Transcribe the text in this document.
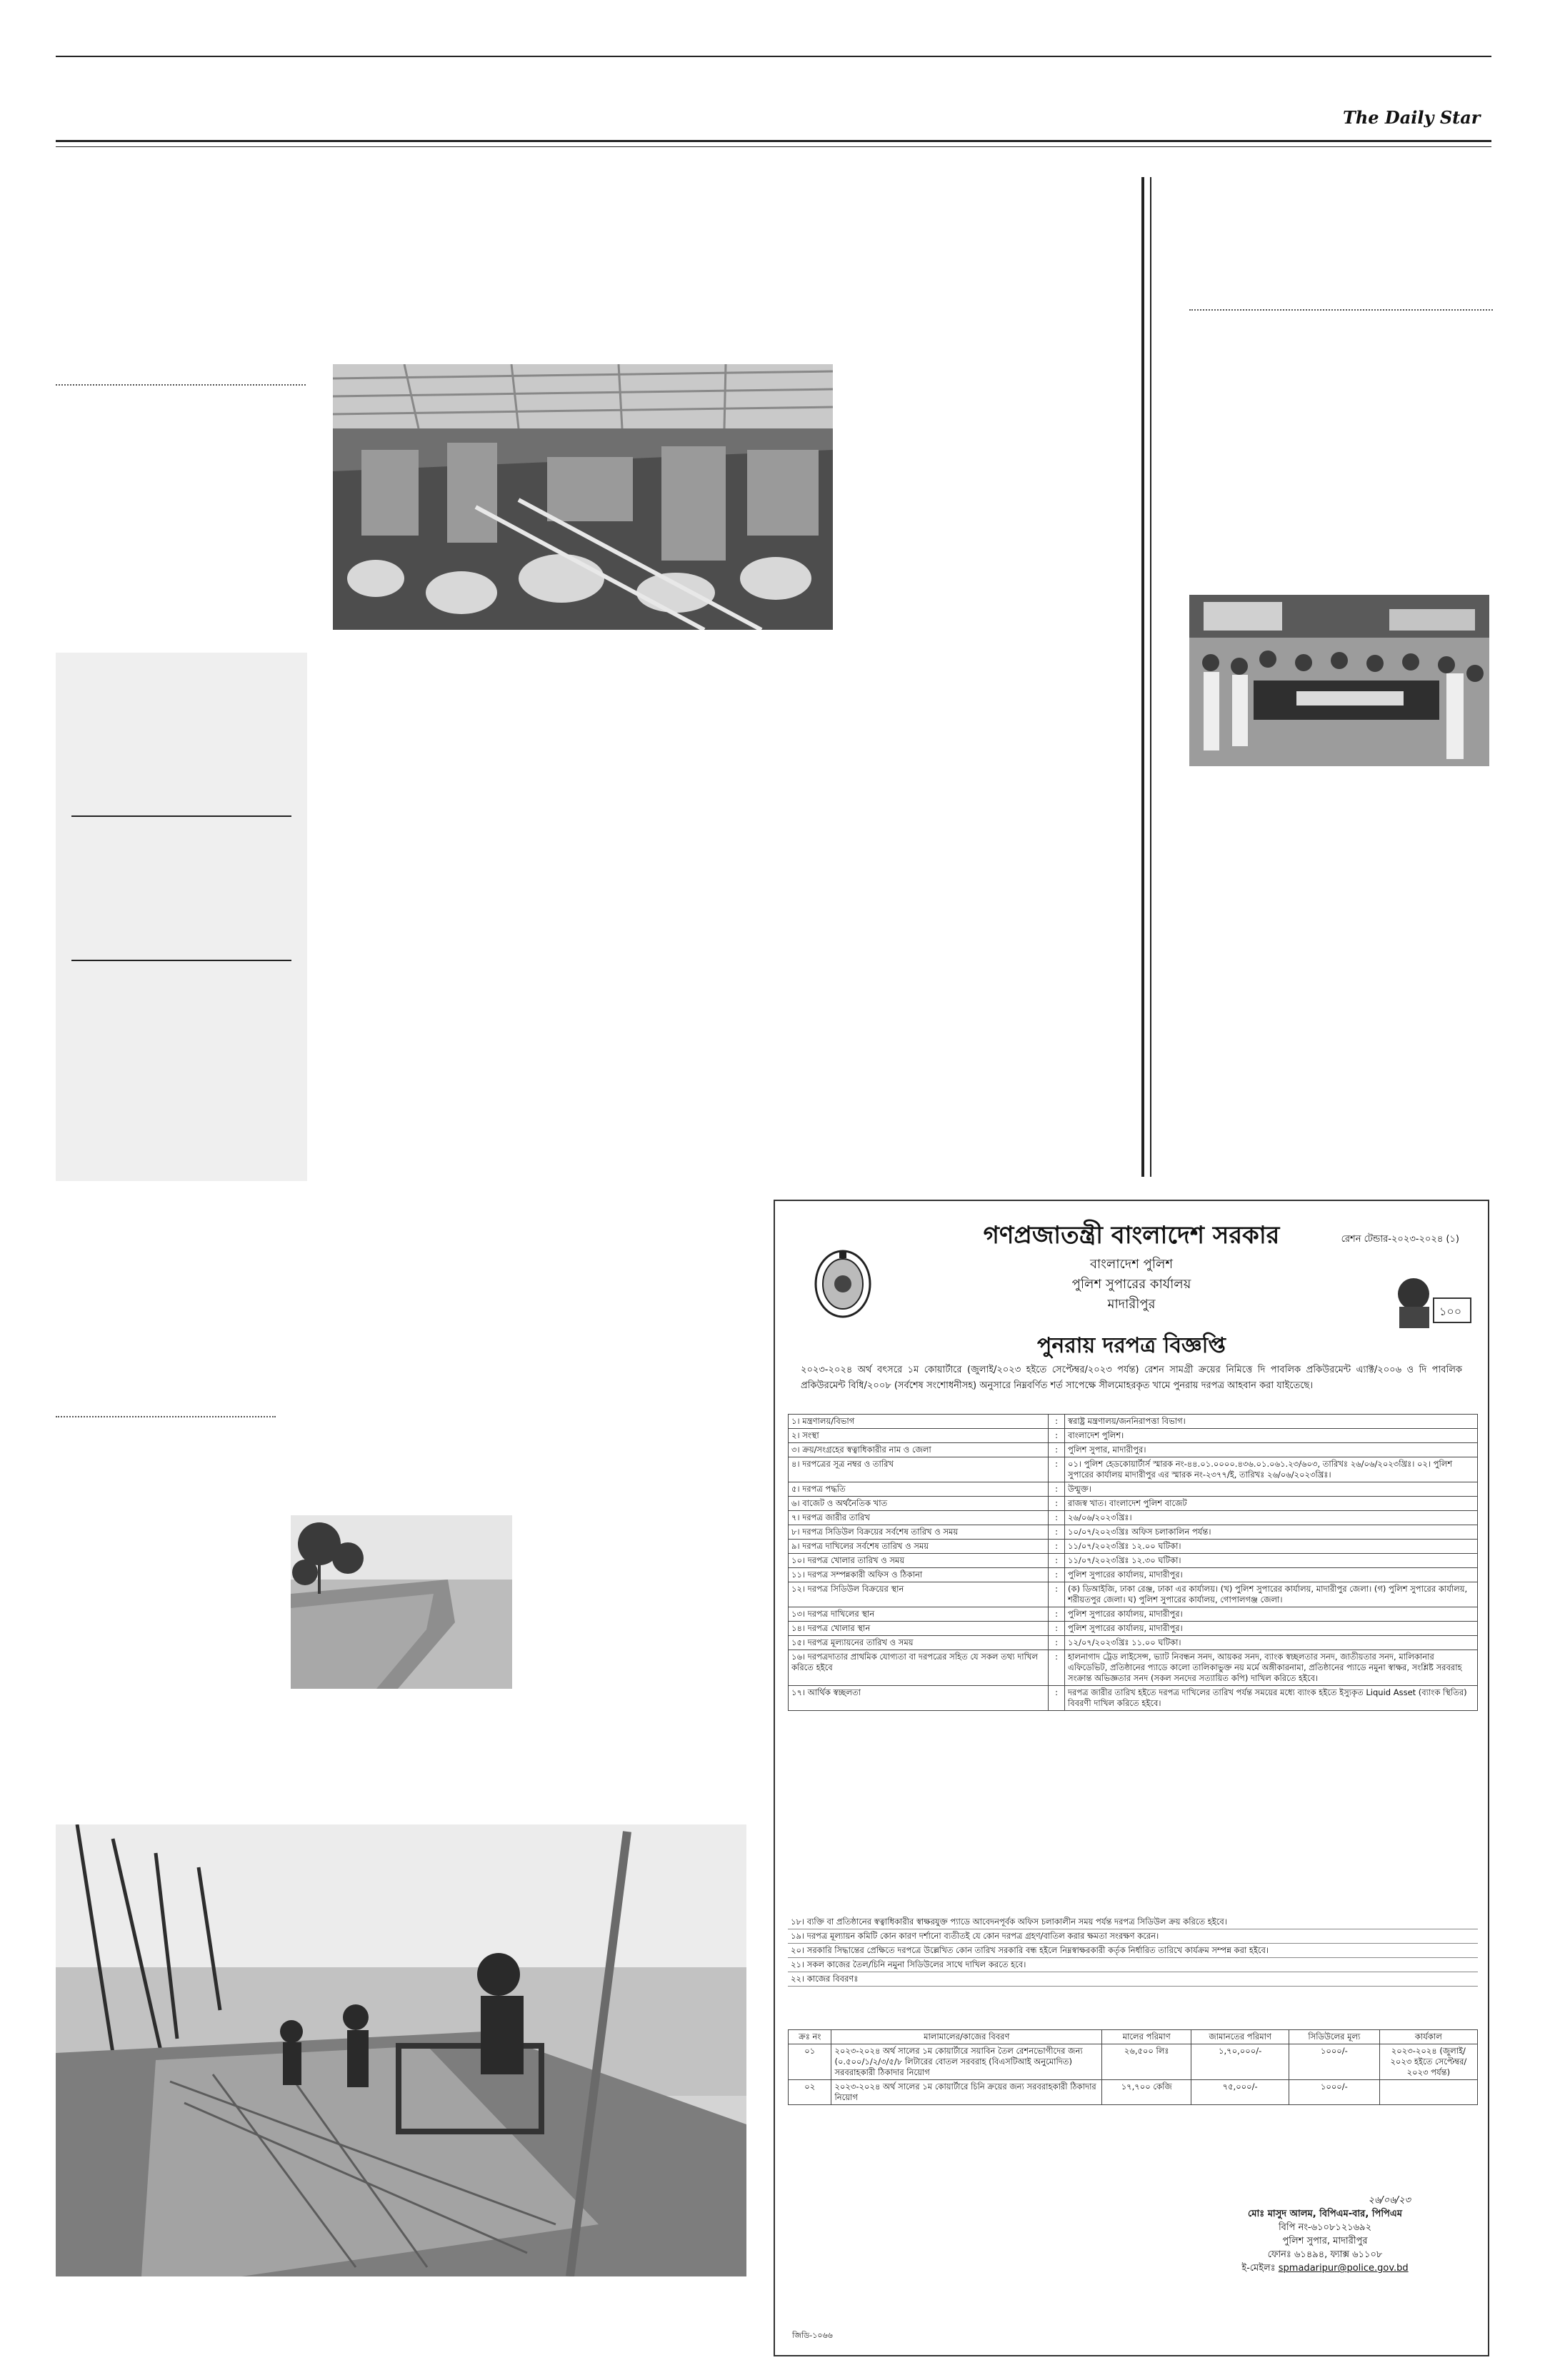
The Daily Star
গণপ্রজাতন্ত্রী বাংলাদেশ সরকার	রেশন টেন্ডার-২০২৩-২০২৪ (১)
১০০
বাংলাদেশ পুলিশ
পুলিশ সুপারের কার্যালয়
মাদারীপুর
পুনরায় দরপত্র বিজ্ঞপ্তি
২০২৩-২০২৪ অর্থ বৎসরে ১ম কোয়ার্টারে (জুলাই/২০২৩ হইতে সেপ্টেম্বর/২০২৩ পর্যন্ত) রেশন সামগ্রী ক্রয়ের নিমিত্তে দি পাবলিক প্রকিউরমেন্ট এ্যাক্ট/২০০৬ ও দি পাবলিক প্রকিউরমেন্ট বিধি/২০০৮ (সর্বশেষ সংশোধনীসহ) অনুসারে নিম্নবর্ণিত শর্ত সাপেক্ষে সীলমোহরকৃত খামে পুনরায় দরপত্র আহবান করা যাইতেছে।
১। মন্ত্রণালয়/বিভাগ	:	স্বরাষ্ট্র মন্ত্রণালয়/জননিরাপত্তা বিভাগ।
২। সংস্থা	:	বাংলাদেশ পুলিশ।
৩। ক্রয়/সংগ্রহের স্বত্বাধিকারীর নাম ও জেলা	:	পুলিশ সুপার, মাদারীপুর।
৪। দরপত্রের সূত্র নম্বর ও তারিখ	:	০১। পুলিশ হেডকোয়ার্টার্স স্মারক নং-৪৪.০১.০০০০.৪৩৬.০১.০৬১.২৩/৬০৩, তারিখঃ ২৬/০৬/২০২৩খ্রিঃ। ০২। পুলিশ সুপারের কার্যালয় মাদারীপুর এর স্মারক নং-২৩৭৭/ই, তারিখঃ ২৬/০৬/২০২৩খ্রিঃ।
৫। দরপত্র পদ্ধতি	:	উন্মুক্ত।
৬। বাজেট ও অর্থনৈতিক খাত	:	রাজস্ব খাত। বাংলাদেশ পুলিশ বাজেট
৭। দরপত্র জারীর তারিখ	:	২৬/০৬/২০২৩খ্রিঃ।
৮। দরপত্র সিডিউল বিক্রয়ের সর্বশেষ তারিখ ও সময়	:	১০/০৭/২০২৩খ্রিঃ অফিস চলাকালিন পর্যন্ত।
৯। দরপত্র দাখিলের সর্বশেষ তারিখ ও সময়	:	১১/০৭/২০২৩খ্রিঃ ১২.০০ ঘটিকা।
১০। দরপত্র খোলার তারিখ ও সময়	:	১১/০৭/২০২৩খ্রিঃ ১২.৩০ ঘটিকা।
১১। দরপত্র সম্পন্নকারী অফিস ও ঠিকানা	:	পুলিশ সুপারের কার্যালয়, মাদারীপুর।
১২। দরপত্র সিডিউল বিক্রয়ের স্থান	:	(ক) ডিআইজি, ঢাকা রেঞ্জ, ঢাকা এর কার্যালয়। (খ) পুলিশ সুপারের কার্যালয়, মাদারীপুর জেলা। (গ) পুলিশ সুপারের কার্যালয়, শরীয়তপুর জেলা। ঘ) পুলিশ সুপারের কার্যালয়, গোপালগঞ্জ জেলা।
১৩। দরপত্র দাখিলের স্থান	:	পুলিশ সুপারের কার্যালয়, মাদারীপুর।
১৪। দরপত্র খোলার স্থান	:	পুলিশ সুপারের কার্যালয়, মাদারীপুর।
১৫। দরপত্র মূল্যায়নের তারিখ ও সময়	:	১২/০৭/২০২৩খ্রিঃ ১১.০০ ঘটিকা।
১৬। দরপত্রদাতার প্রাথমিক যোগ্যতা বা দরপত্রের সহিত যে সকল তথ্য দাখিল করিতে হইবে	:	হালনাগাদ ট্রেড লাইসেন্স, ভ্যাট নিবন্ধন সনদ, আয়কর সনদ, ব্যাংক স্বচ্ছলতার সনদ, জাতীয়তার সনদ, মালিকানার এফিডেভিট, প্রতিষ্ঠানের প্যাডে কালো তালিকাভুক্ত নয় মর্মে অঙ্গীকারনামা, প্রতিষ্ঠানের প্যাডে নমুনা স্বাক্ষর, সংশ্লিষ্ট সরবরাহ সংক্রান্ত অভিজ্ঞতার সনদ (সকল সনদের সত্যায়িত কপি) দাখিল করিতে হইবে।
১৭। আর্থিক স্বচ্ছলতা	:	দরপত্র জারীর তারিখ হইতে দরপত্র দাখিলের তারিখ পর্যন্ত সময়ের মধ্যে ব্যাংক হইতে ইস্যুকৃত Liquid Asset (ব্যাংক স্থিতির) বিবরণী দাখিল করিতে হইবে।
১৮। ব্যক্তি বা প্রতিষ্ঠানের স্বত্বাধিকারীর স্বাক্ষরযুক্ত প্যাডে আবেদনপূর্বক অফিস চলাকালীন সময় পর্যন্ত দরপত্র সিডিউল ক্রয় করিতে হইবে।
১৯। দরপত্র মূল্যায়ন কমিটি কোন কারণ দর্শানো ব্যতীতই যে কোন দরপত্র গ্রহণ/বাতিল করার ক্ষমতা সংরক্ষণ করেন।
২০। সরকারি সিদ্ধান্তের প্রেক্ষিতে দরপত্রে উল্লেখিত কোন তারিখ সরকারি বন্ধ হইলে নিম্নস্বাক্ষরকারী কর্তৃক নির্ধারিত তারিখে কার্যক্রম সম্পন্ন করা হইবে।
২১। সকল কাজের তৈল/চিনি নমুনা সিডিউলের সাথে দাখিল করতে হবে।
২২। কাজের বিবরণঃ
ক্রঃ নং	মালামালের/কাজের বিবরণ	মালের পরিমাণ	জামানতের পরিমাণ	সিডিউলের মূল্য	কার্যকাল
০১	২০২৩-২০২৪ অর্থ সালের ১ম কোয়ার্টারে সয়াবিন তৈল রেশনভোগীদের জন্য (০.৫০০/১/২/৩/৫/৮ লিটারের বোতল সরবরাহ (বিএসটিআই অনুমোদিত) সরবরাহকারী ঠিকাদার নিয়োগ	২৬,৫০০ লিঃ	১,৭০,০০০/-	১০০০/-	২০২৩-২০২৪ (জুলাই/২০২৩ হইতে সেপ্টেম্বর/২০২৩ পর্যন্ত)
০২	২০২৩-২০২৪ অর্থ সালের ১ম কোয়ার্টারে চিনি ক্রয়ের জন্য সরবরাহকারী ঠিকাদার নিয়োগ	১৭,৭০০ কেজি	৭৫,০০০/-	১০০০/-	
২৬/০৬/২৩
মোঃ মাসুদ আলম, বিপিএম-বার, পিপিএম
বিপি নং-৬১০৮১২১৬৯২
পুলিশ সুপার, মাদারীপুর
ফোনঃ ৬১৪৯৪, ফ্যাক্স ৬১১০৮
ই-মেইলঃ spmadaripur@police.gov.bd
জিডি-১০৬৬
